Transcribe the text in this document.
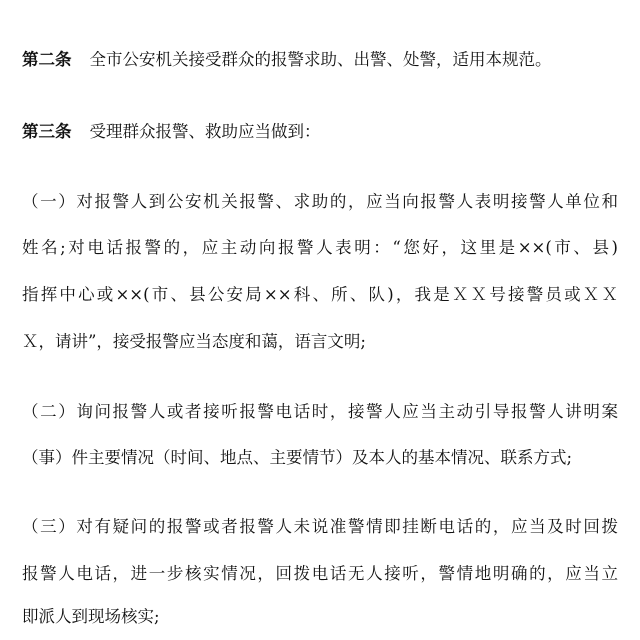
第二条 全市公安机关接受群众的报警求助、出警、处警，适用本规范。
第三条 受理群众报警、救助应当做到：
（一）对报警人到公安机关报警、求助的，应当向报警人表明接警人单位和
姓名;对电话报警的，应主动向报警人表明：“您好，这里是××(市、县)
指挥中心或××(市、县公安局××科、所、队)，我是ＸＸ号接警员或ＸＸ
Ｘ，请讲”，接受报警应当态度和蔼，语言文明;
（二）询问报警人或者接听报警电话时，接警人应当主动引导报警人讲明案
（事）件主要情况（时间、地点、主要情节）及本人的基本情况、联系方式;
（三）对有疑问的报警或者报警人未说准警情即挂断电话的，应当及时回拨
报警人电话，进一步核实情况，回拨电话无人接听，警情地明确的，应当立
即派人到现场核实;
